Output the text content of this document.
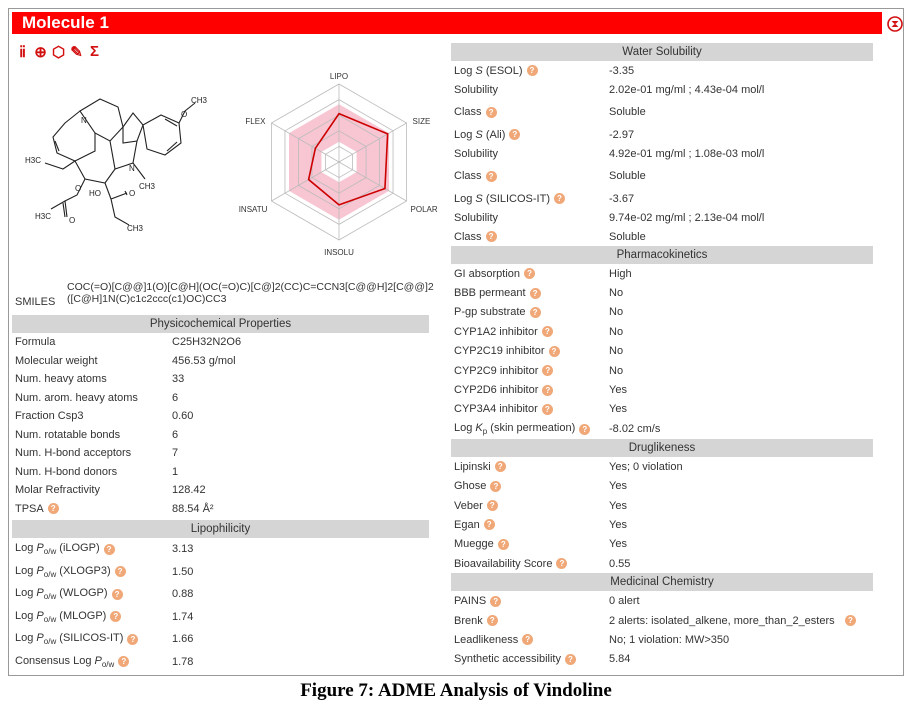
Molecule 1
ⅱ ⊕ ⬡ ✎ Σ
CH3
O
N
N
CH3
H3C
HO
O
O
O
H3C
CH3
LIPO
SIZE
POLAR
INSOLU
INSATU
FLEX
SMILES
COC(=O)[C@@]1(O)[C@H](OC(=O)C)[C@]2(CC)C=CCN3[C@@H]2[C@@]2([C@H]1N(C)c1c2ccc(c1)OC)CC3
Physicochemical Properties
Formula	C25H32N2O6
Molecular weight	456.53 g/mol
Num. heavy atoms	33
Num. arom. heavy atoms	6
Fraction Csp3	0.60
Num. rotatable bonds	6
Num. H-bond acceptors	7
Num. H-bond donors	1
Molar Refractivity	128.42
TPSA ?	88.54 Å²
Lipophilicity
Log $P_{o/w}$ (iLOGP) ?	3.13
Log $P_{o/w}$ (XLOGP3) ?	1.50
Log $P_{o/w}$ (WLOGP) ?	0.88
Log $P_{o/w}$ (MLOGP) ?	1.74
Log $P_{o/w}$ (SILICOS-IT) ?	1.66
Consensus Log $P_{o/w}$ ?	1.78
Water Solubility
Log S (ESOL) ?	-3.35
Solubility	2.02e-01 mg/ml ; 4.43e-04 mol/l
Class ?	Soluble
Log S (Ali) ?	-2.97
Solubility	4.92e-01 mg/ml ; 1.08e-03 mol/l
Class ?	Soluble
Log S (SILICOS-IT) ?	-3.67
Solubility	9.74e-02 mg/ml ; 2.13e-04 mol/l
Class ?	Soluble
Pharmacokinetics
GI absorption ?	High
BBB permeant ?	No
P-gp substrate ?	No
CYP1A2 inhibitor ?	No
CYP2C19 inhibitor ?	No
CYP2C9 inhibitor ?	No
CYP2D6 inhibitor ?	Yes
CYP3A4 inhibitor ?	Yes
Log $K_p$ (skin permeation) ? -8.02 cm/s
Druglikeness
Lipinski ?	Yes; 0 violation
Ghose ?	Yes
Veber ?	Yes
Egan ?	Yes
Muegge ?	Yes
Bioavailability Score ?	0.55
Medicinal Chemistry
PAINS ?	0 alert
Brenk ?	2 alerts: isolated_alkene, more_than_2_esters	?
Leadlikeness ?	No; 1 violation: MW>350
Synthetic accessibility ?	5.84
Figure 7: ADME Analysis of Vindoline
